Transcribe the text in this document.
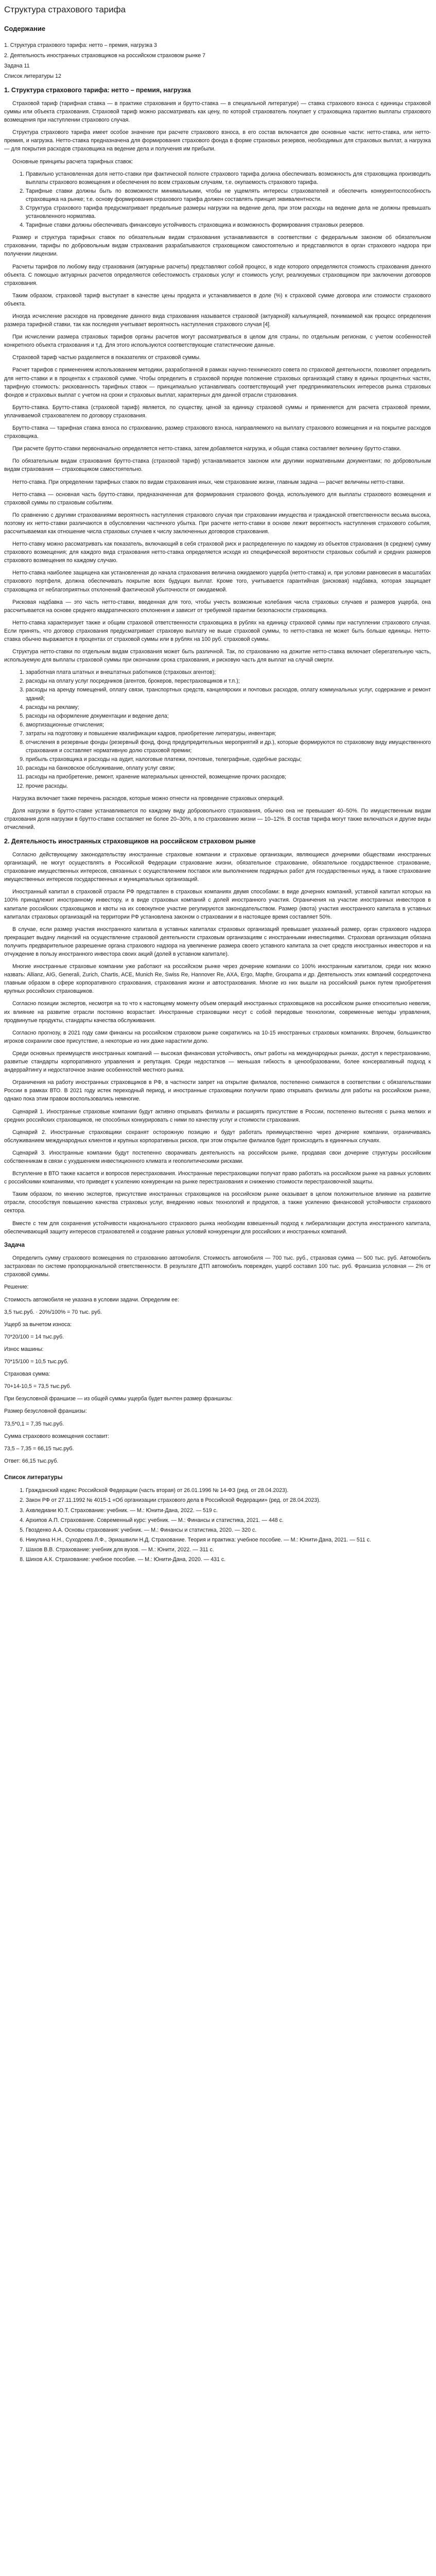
Структура страхового тарифа
Содержание

1. Структура страхового тарифа: нетто – премия, нагрузка 3

2. Деятельность иностранных страховщиков на российском страховом рынке 7

Задача 11

Список литературы 12

1. Структура страхового тарифа: нетто – премия, нагрузка

Страховой тариф (тарифная ставка — в практике страхования и брутто-ставка — в специальной литературе) — ставка страхового взноса с единицы страховой суммы или объекта страхования. Страховой тариф можно рассматривать как цену, по которой страхователь покупает у страховщика гарантию выплаты страхового возмещения при наступлении страхового случая.

Структура страхового тарифа имеет особое значение при расчете страхового взноса, в его состав включается две основные части: нетто-ставка, или нетто-премия, и нагрузка. Нетто-ставка предназначена для формирования страхового фонда в форме страховых резервов, необходимых для страховых выплат, а нагрузка — для покрытия расходов страховщика на ведение дела и получения им прибыли.

Основные принципы расчета тарифных ставок:

1. Правильно установленная доля нетто-ставки при фактической полноте страхового тарифа должна обеспечивать возможность для страховщика производить выплаты страхового возмещения и обеспечения по всем страховым случаям, т.е. окупаемость страхового тарифа.
2. Тарифные ставки должны быть по возможности минимальными, чтобы не ущемлять интересы страхователей и обеспечить конкурентоспособность страховщика на рынке; т.е. основу формирования страхового тарифа должен составлять принцип эквивалентности.
3. Структура страхового тарифа предусматривает предельные размеры нагрузки на ведение дела, при этом расходы на ведение дела не должны превышать установленного норматива.
4. Тарифные ставки должны обеспечивать финансовую устойчивость страховщика и возможность формирования страховых резервов.

Размер и структура тарифных ставок по обязательным видам страхования устанавливаются в соответствии с федеральным законом об обязательном страховании, тарифы по добровольным видам страхования разрабатываются страховщиком самостоятельно и представляются в орган страхового надзора при получении лицензии.

Расчеты тарифов по любому виду страхования (актуарные расчеты) представляют собой процесс, в ходе которого определяются стоимость страхования данного объекта. С помощью актуарных расчетов определяются себестоимость страховых услуг и стоимость услуг, реализуемых страховщиком при заключении договоров страхования.

Таким образом, страховой тариф выступает в качестве цены продукта и устанавливается в доле (%) к страховой сумме договора или стоимости страхового объекта.

Иногда исчисление расходов на проведение данного вида страхования называется страховой (актуарной) калькуляцией, понимаемой как процесс определения размера тарифной ставки, так как последняя учитывает вероятность наступления страхового случая [4].

При исчислении размера страховых тарифов органы расчетов могут рассматриваться в целом для страны, по отдельным регионам, с учетом особенностей конкретного объекта страхования и т.д. Для этого используются соответствующие статистические данные.

Страховой тариф частью разделяется в показателях от страховой суммы.

Расчет тарифов с применением использованием методики, разработанной в рамках научно-технического совета по страховой деятельности, позволяет определить для нетто-ставки и в процентах к страховой сумме. Чтобы определить в страховой порядке положение страховых организаций ставку в единых процентных частях, тарифную стоимость: рискованность тарифных ставок — принципиально устанавливать соответствующий учет предпринимательских интересов рынка страховых фондов и страховых выплат с учетом на сроки и страховых выплат, характерных для данной отрасли страхования.

Брутто-ставка. Брутто-ставка (страховой тариф) является, по существу, ценой за единицу страховой суммы и применяется для расчета страховой премии, уплачиваемой страхователем по договору страхования.

Брутто-ставка — тарифная ставка взноса по страхованию, размер страхового взноса, направляемого на выплату страхового возмещения и на покрытие расходов страховщика.

При расчете брутто-ставки первоначально определяется нетто-ставка, затем добавляется нагрузка, и общая ставка составляет величину брутто-ставки.

По обязательным видам страхования брутто-ставка (страховой тариф) устанавливается законом или другими нормативными документами; по добровольным видам страхования — страховщиком самостоятельно.

Нетто-ставка. При определении тарифных ставок по видам страхования иных, чем страхование жизни, главным задача — расчет величины нетто-ставки.

Нетто-ставка — основная часть брутто-ставки, предназначенная для формирования страхового фонда, используемого для выплаты страхового возмещения и страховой суммы по страховым событиям.

По сравнению с другими страхованиями вероятность наступления страхового случая при страховании имущества и гражданской ответственности весьма высока, поэтому их нетто-ставки различаются в обусловлении частичного убытка. При расчете нетто-ставки в основе лежит вероятность наступления страхового события, рассчитываемая как отношение числа страховых случаев к числу заключенных договоров страхования.

Нетто-ставку можно рассматривать как показатель, включающий в себя страховой риск и распределенную по каждому из объектов страхования (в среднем) сумму страхового возмещения; для каждого вида страхования нетто-ставка определяется исходя из специфической вероятности страховых событий и средних размеров страхового возмещения по каждому случаю.

Нетто-ставка наиболее защищена как установленная до начала страхования величина ожидаемого ущерба (нетто-ставка) и, при условии равновесия в масштабах страхового портфеля, должна обеспечивать покрытие всех будущих выплат. Кроме того, учитывается гарантийная (рисковая) надбавка, которая защищает страховщика от неблагоприятных отклонений фактической убыточности от ожидаемой.

Рисковая надбавка — это часть нетто-ставки, введенная для того, чтобы учесть возможные колебания числа страховых случаев и размеров ущерба, она рассчитывается на основе среднего квадратического отклонения и зависит от требуемой гарантии безопасности страховщика.

Нетто-ставка характеризует также и общим страховой ответственности страховщика в рублях на единицу страховой суммы при наступлении страхового случая. Если принять, что договор страхования предусматривает страховую выплату не выше страховой суммы, то нетто-ставка не может быть больше единицы. Нетто-ставка обычно выражается в процентах от страховой суммы или в рублях на 100 руб. страховой суммы.

Структура нетто-ставки по отдельным видам страхования может быть различной. Так, по страхованию на дожитие нетто-ставка включает сберегательную часть, используемую для выплаты страховой суммы при окончании срока страхования, и рисковую часть для выплат на случай смерти.

1. заработная плата штатных и внештатных работников (страховых агентов);
2. расходы на оплату услуг посредников (агентов, брокеров, перестраховщиков и т.п.);
3. расходы на аренду помещений, оплату связи, транспортных средств, канцелярских и почтовых расходов, оплату коммунальных услуг, содержание и ремонт зданий;
4. расходы на рекламу;
5. расходы на оформление документации и ведение дела;
6. амортизационные отчисления;
7. затраты на подготовку и повышение квалификации кадров, приобретение литературы, инвентаря;
8. отчисления в резервные фонды (резервный фонд, фонд предупредительных мероприятий и др.), которые формируются по страховому виду имущественного страхования и составляет нормативную долю страховой премии;
9. прибыль страховщика и расходы на аудит, налоговые платежи, почтовые, телеграфные, судебные расходы;
10. расходы на банковское обслуживание, оплату услуг связи;
11. расходы на приобретение, ремонт, хранение материальных ценностей, возмещение прочих расходов;
12. прочие расходы.

Нагрузка включает также перечень расходов, которые можно отнести на проведение страховых операций.

Доля нагрузки в брутто-ставке устанавливается по каждому виду добровольного страхования, обычно она не превышает 40–50%. По имущественным видам страхования доля нагрузки в брутто-ставке составляет не более 20–30%, а по страхованию жизни — 10–12%. В состав тарифа могут также включаться и другие виды отчислений.

2. Деятельность иностранных страховщиков на российском страховом рынке

Согласно действующему законодательству иностранные страховые компании и страховые организации, являющиеся дочерними обществами иностранных организаций, не могут осуществлять в Российской Федерации страхование жизни, обязательное страхование, обязательное государственное страхование, страхование имущественных интересов, связанных с осуществлением поставок или выполнением подрядных работ для государственных нужд, а также страхование имущественных интересов государственных и муниципальных организаций.

Иностранный капитал в страховой отрасли РФ представлен в страховых компаниях двумя способами: в виде дочерних компаний, уставной капитал которых на 100% принадлежит иностранному инвестору, и в виде страховых компаний с долей иностранного участия. Ограничения на участие иностранных инвесторов в капитале российских страховщиков и квоты на их совокупное участие регулируются законодательством. Размер (квота) участия иностранного капитала в уставных капиталах страховых организаций на территории РФ установлена законом о страховании и в настоящее время составляет 50%.

В случае, если размер участия иностранного капитала в уставных капиталах страховых организаций превышает указанный размер, орган страхового надзора прекращает выдачу лицензий на осуществление страховой деятельности страховым организациям с иностранными инвестициями. Страховая организация обязана получить предварительное разрешение органа страхового надзора на увеличение размера своего уставного капитала за счет средств иностранных инвесторов и на отчуждение в пользу иностранного инвестора своих акций (долей в уставном капитале).

Многие иностранные страховые компании уже работают на российском рынке через дочерние компании со 100% иностранным капиталом, среди них можно назвать: Allianz, AIG, Generali, Zurich, Chartis, ACE, Munich Re, Swiss Re, Hannover Re, AXA, Ergo, Mapfre, Groupama и др. Деятельность этих компаний сосредоточена главным образом в сфере корпоративного страхования, страхования жизни и автострахования. Многие из них вышли на российский рынок путем приобретения крупных российских страховщиков.

Согласно позиции экспертов, несмотря на то что к настоящему моменту объем операций иностранных страховщиков на российском рынке относительно невелик, их влияние на развитие отрасли постоянно возрастает. Иностранные страховщики несут с собой передовые технологии, современные методы управления, продвинутые продукты, стандарты качества обслуживания.

Согласно прогнозу, в 2021 году сами финансы на российском страховом рынке сократились на 10-15 иностранных страховых компаниях. Впрочем, большинство игроков сохранили свое присутствие, а некоторые из них даже нарастили долю.

Среди основных преимуществ иностранных компаний — высокая финансовая устойчивость, опыт работы на международных рынках, доступ к перестрахованию, развитые стандарты корпоративного управления и репутация. Среди недостатков — меньшая гибкость в ценообразовании, более консервативный подход к андеррайтингу и недостаточное знание особенностей местного рынка.

Ограничения на работу иностранных страховщиков в РФ, в частности запрет на открытие филиалов, постепенно снимаются в соответствии с обязательствами России в рамках ВТО. В 2021 году истек переходный период, и иностранные страховщики получили право открывать филиалы для работы на российском рынке, однако пока этим правом воспользовались немногие.

Сценарий 1. Иностранные страховые компании будут активно открывать филиалы и расширять присутствие в России, постепенно вытесняя с рынка мелких и средних российских страховщиков, не способных конкурировать с ними по качеству услуг и стоимости страхования.

Сценарий 2. Иностранные страховщики сохранят осторожную позицию и будут работать преимущественно через дочерние компании, ограничиваясь обслуживанием международных клиентов и крупных корпоративных рисков, при этом открытие филиалов будет происходить в единичных случаях.

Сценарий 3. Иностранные компании будут постепенно сворачивать деятельность на российском рынке, продавая свои дочерние структуры российским собственникам в связи с ухудшением инвестиционного климата и геополитическими рисками.

Вступление в ВТО также касается и вопросов перестрахования. Иностранные перестраховщики получат право работать на российском рынке на равных условиях с российскими компаниями, что приведет к усилению конкуренции на рынке перестрахования и снижению стоимости перестраховочной защиты.

Таким образом, по мнению экспертов, присутствие иностранных страховщиков на российском рынке оказывает в целом положительное влияние на развитие отрасли, способствуя повышению качества страховых услуг, внедрению новых технологий и продуктов, а также усилению финансовой устойчивости страхового сектора.

Вместе с тем для сохранения устойчивости национального страхового рынка необходим взвешенный подход к либерализации доступа иностранного капитала, обеспечивающий защиту интересов страхователей и создание равных условий конкуренции для российских и иностранных компаний.

Задача

Определить сумму страхового возмещения по страхованию автомобиля. Стоимость автомобиля — 700 тыс. руб., страховая сумма — 500 тыс. руб. Автомобиль застрахован по системе пропорциональной ответственности. В результате ДТП автомобиль поврежден, ущерб составил 100 тыс. руб. Франшиза условная — 2% от страховой суммы.

Решение:

Стоимость автомобиля не указана в условии задачи. Определим ее:

3,5 тыс.руб. · 20%/100% = 70 тыс. руб.

Ущерб за вычетом износа:

70*20/100 = 14 тыс.руб.

Износ машины:

70*15/100 = 10,5 тыс.руб.

Страховая сумма:

70+14-10,5 = 73,5 тыс.руб.

При безусловной франшизе — из общей суммы ущерба будет вычтен размер франшизы:

Размер безусловной франшизы:

73,5*0,1 = 7,35 тыс.руб.

Сумма страхового возмещения составит:

73,5 – 7,35 = 66,15 тыс.руб.

Ответ: 66,15 тыс.руб.

Список литературы
1. Гражданский кодекс Российской Федерации (часть вторая) от 26.01.1996 № 14-ФЗ (ред. от 28.04.2023).
2. Закон РФ от 27.11.1992 № 4015-1 «Об организации страхового дела в Российской Федерации» (ред. от 28.04.2023).
3. Ахвледиани Ю.Т. Страхование: учебник. — М.: Юнити-Дана, 2022. — 519 с.
4. Архипов А.П. Страхование. Современный курс: учебник. — М.: Финансы и статистика, 2021. — 448 с.
5. Гвозденко А.А. Основы страхования: учебник. — М.: Финансы и статистика, 2020. — 320 с.
6. Никулина Н.Н., Суходоева Л.Ф., Эриашвили Н.Д. Страхование. Теория и практика: учебное пособие. — М.: Юнити-Дана, 2021. — 511 с.
7. Шахов В.В. Страхование: учебник для вузов. — М.: Юнити, 2022. — 311 с.
8. Шихов А.К. Страхование: учебное пособие. — М.: Юнити-Дана, 2020. — 431 с.
